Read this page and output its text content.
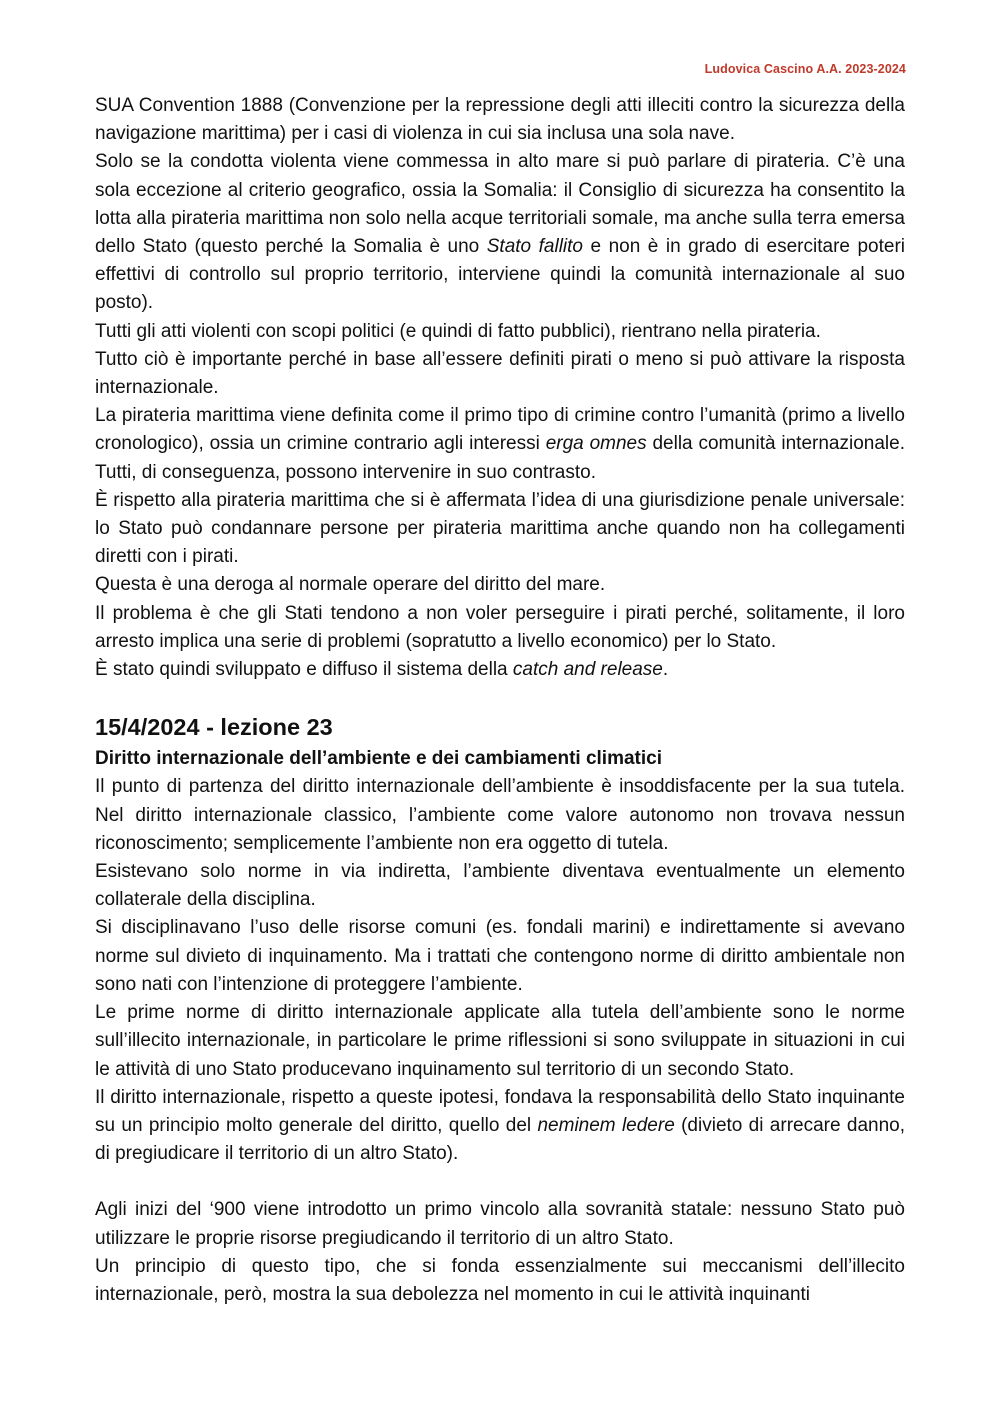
Ludovica Cascino A.A. 2023-2024

SUA Convention 1888 (Convenzione per la repressione degli atti illeciti contro la sicurezza della navigazione marittima) per i casi di violenza in cui sia inclusa una sola nave.

Solo se la condotta violenta viene commessa in alto mare si può parlare di pirateria. C’è una sola eccezione al criterio geografico, ossia la Somalia: il Consiglio di sicurezza ha consentito la lotta alla pirateria marittima non solo nella acque territoriali somale, ma anche sulla terra emersa dello Stato (questo perché la Somalia è uno Stato fallito e non è in grado di esercitare poteri effettivi di controllo sul proprio territorio, interviene quindi la comunità internazionale al suo posto).

Tutti gli atti violenti con scopi politici (e quindi di fatto pubblici), rientrano nella pirateria.

Tutto ciò è importante perché in base all’essere definiti pirati o meno si può attivare la risposta internazionale.

La pirateria marittima viene definita come il primo tipo di crimine contro l’umanità (primo a livello cronologico), ossia un crimine contrario agli interessi erga omnes della comunità internazionale. Tutti, di conseguenza, possono intervenire in suo contrasto.

È rispetto alla pirateria marittima che si è affermata l’idea di una giurisdizione penale universale: lo Stato può condannare persone per pirateria marittima anche quando non ha collegamenti diretti con i pirati.

Questa è una deroga al normale operare del diritto del mare.

Il problema è che gli Stati tendono a non voler perseguire i pirati perché, solitamente, il loro arresto implica una serie di problemi (sopratutto a livello economico) per lo Stato.

È stato quindi sviluppato e diffuso il sistema della catch and release.

15/4/2024 - lezione 23

Diritto internazionale dell’ambiente e dei cambiamenti climatici

Il punto di partenza del diritto internazionale dell’ambiente è insoddisfacente per la sua tutela. Nel diritto internazionale classico, l’ambiente come valore autonomo non trovava nessun riconoscimento; semplicemente l’ambiente non era oggetto di tutela.

Esistevano solo norme in via indiretta, l’ambiente diventava eventualmente un elemento collaterale della disciplina.

Si disciplinavano l’uso delle risorse comuni (es. fondali marini) e indirettamente si avevano norme sul divieto di inquinamento. Ma i trattati che contengono norme di diritto ambientale non sono nati con l’intenzione di proteggere l’ambiente.

Le prime norme di diritto internazionale applicate alla tutela dell’ambiente sono le norme sull’illecito internazionale, in particolare le prime riflessioni si sono sviluppate in situazioni in cui le attività di uno Stato producevano inquinamento sul territorio di un secondo Stato.

Il diritto internazionale, rispetto a queste ipotesi, fondava la responsabilità dello Stato inquinante su un principio molto generale del diritto, quello del neminem ledere (divieto di arrecare danno, di pregiudicare il territorio di un altro Stato).

Agli inizi del ‘900 viene introdotto un primo vincolo alla sovranità statale: nessuno Stato può utilizzare le proprie risorse pregiudicando il territorio di un altro Stato.

Un principio di questo tipo, che si fonda essenzialmente sui meccanismi dell’illecito internazionale, però, mostra la sua debolezza nel momento in cui le attività inquinanti
